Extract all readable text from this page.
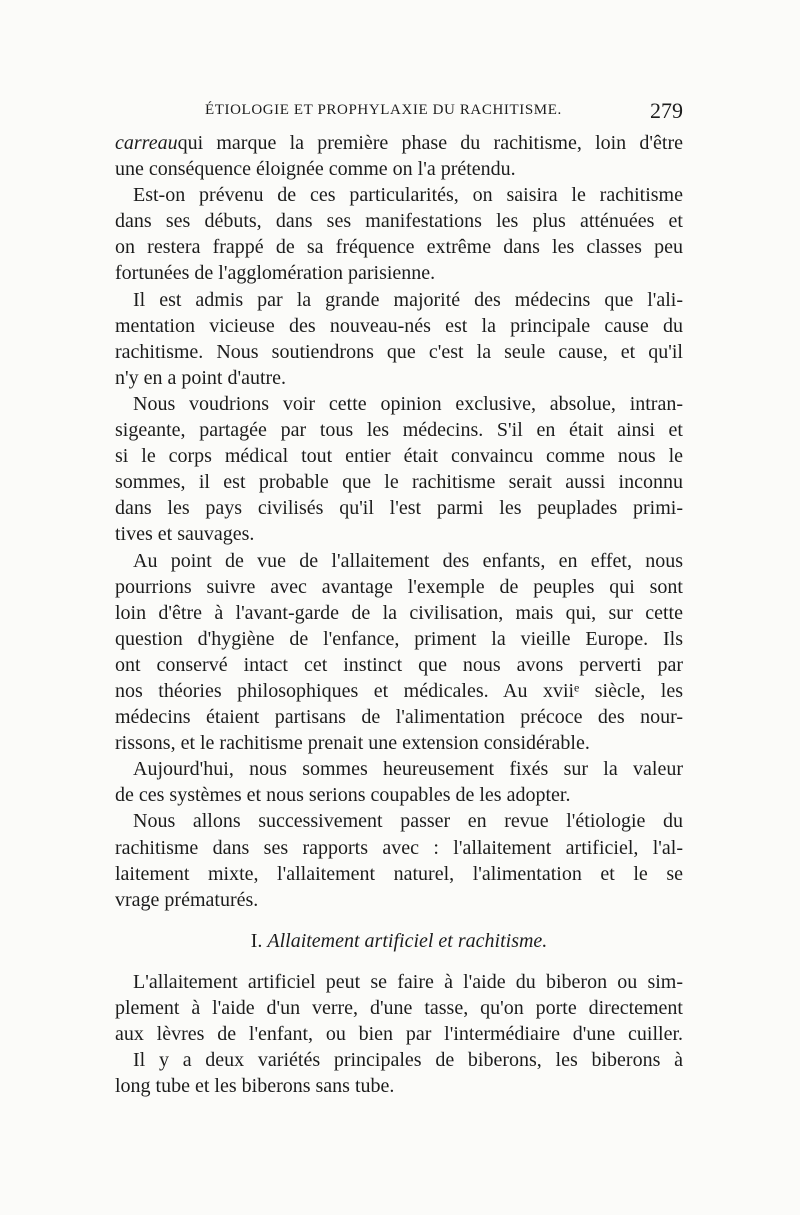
ÉTIOLOGIE ET PROPHYLAXIE DU RACHITISME.	279
carreauqui marque la première phase du rachitisme, loin d'être
une conséquence éloignée comme on l'a prétendu.
Est-on prévenu de ces particularités, on saisira le rachitisme
dans ses débuts, dans ses manifestations les plus atténuées et
on restera frappé de sa fréquence extrême dans les classes peu
fortunées de l'agglomération parisienne.
Il est admis par la grande majorité des médecins que l'ali-
mentation vicieuse des nouveau-nés est la principale cause du
rachitisme. Nous soutiendrons que c'est la seule cause, et qu'il
n'y en a point d'autre.
Nous voudrions voir cette opinion exclusive, absolue, intran-
sigeante, partagée par tous les médecins. S'il en était ainsi et
si le corps médical tout entier était convaincu comme nous le
sommes, il est probable que le rachitisme serait aussi inconnu
dans les pays civilisés qu'il l'est parmi les peuplades primi-
tives et sauvages.
Au point de vue de l'allaitement des enfants, en effet, nous
pourrions suivre avec avantage l'exemple de peuples qui sont
loin d'être à l'avant-garde de la civilisation, mais qui, sur cette
question d'hygiène de l'enfance, priment la vieille Europe. Ils
ont conservé intact cet instinct que nous avons perverti par
nos théories philosophiques et médicales. Au xviiᵉ siècle, les
médecins étaient partisans de l'alimentation précoce des nour-
rissons, et le rachitisme prenait une extension considérable.
Aujourd'hui, nous sommes heureusement fixés sur la valeur
de ces systèmes et nous serions coupables de les adopter.
Nous allons successivement passer en revue l'étiologie du
rachitisme dans ses rapports avec : l'allaitement artificiel, l'al-
laitement mixte, l'allaitement naturel, l'alimentation et le se
vrage prématurés.
I. Allaitement artificiel et rachitisme.
L'allaitement artificiel peut se faire à l'aide du biberon ou sim-
plement à l'aide d'un verre, d'une tasse, qu'on porte directement
aux lèvres de l'enfant, ou bien par l'intermédiaire d'une cuiller.
Il y a deux variétés principales de biberons, les biberons à
long tube et les biberons sans tube.
